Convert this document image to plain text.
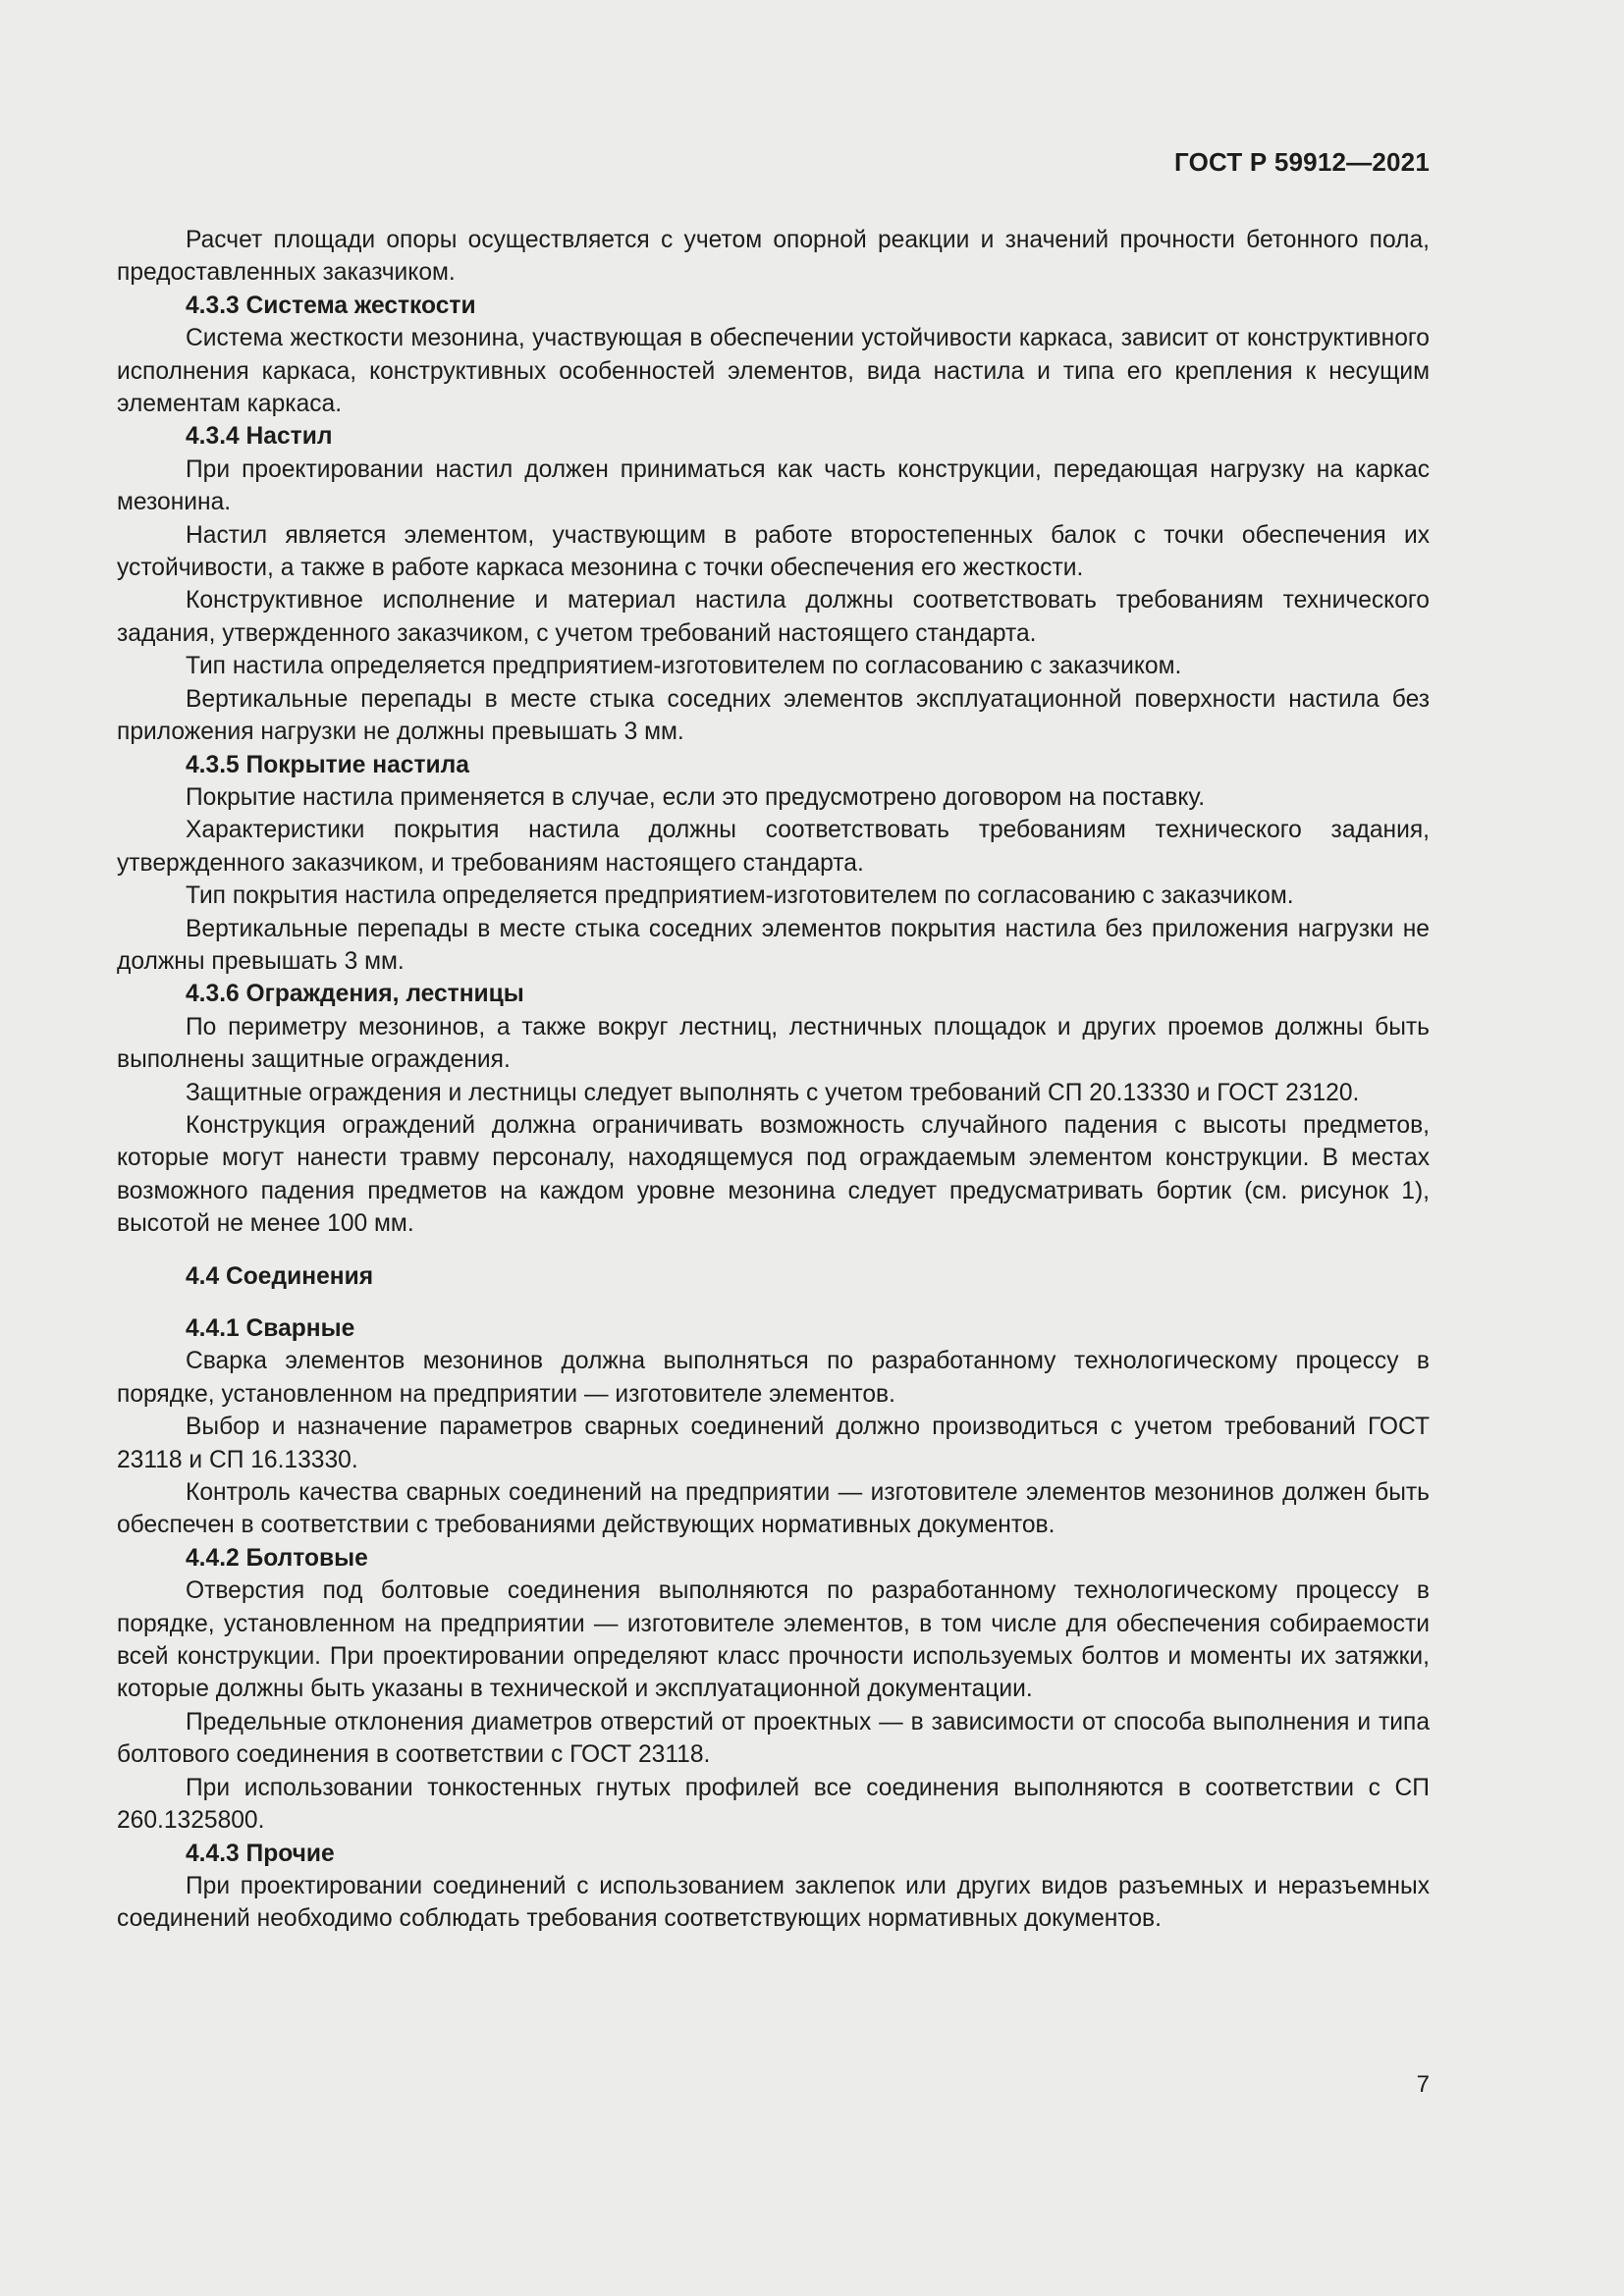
ГОСТ Р 59912—2021

Расчет площади опоры осуществляется с учетом опорной реакции и значений прочности бетонного пола, предоставленных заказчиком.

4.3.3 Система жесткости

Система жесткости мезонина, участвующая в обеспечении устойчивости каркаса, зависит от конструктивного исполнения каркаса, конструктивных особенностей элементов, вида настила и типа его крепления к несущим элементам каркаса.

4.3.4 Настил

При проектировании настил должен приниматься как часть конструкции, передающая нагрузку на каркас мезонина.

Настил является элементом, участвующим в работе второстепенных балок с точки обеспечения их устойчивости, а также в работе каркаса мезонина с точки обеспечения его жесткости.

Конструктивное исполнение и материал настила должны соответствовать требованиям технического задания, утвержденного заказчиком, с учетом требований настоящего стандарта.

Тип настила определяется предприятием-изготовителем по согласованию с заказчиком.

Вертикальные перепады в месте стыка соседних элементов эксплуатационной поверхности настила без приложения нагрузки не должны превышать 3 мм.

4.3.5 Покрытие настила

Покрытие настила применяется в случае, если это предусмотрено договором на поставку.

Характеристики покрытия настила должны соответствовать требованиям технического задания, утвержденного заказчиком, и требованиям настоящего стандарта.

Тип покрытия настила определяется предприятием-изготовителем по согласованию с заказчиком.

Вертикальные перепады в месте стыка соседних элементов покрытия настила без приложения нагрузки не должны превышать 3 мм.

4.3.6 Ограждения, лестницы

По периметру мезонинов, а также вокруг лестниц, лестничных площадок и других проемов должны быть выполнены защитные ограждения.

Защитные ограждения и лестницы следует выполнять с учетом требований СП 20.13330 и ГОСТ 23120.

Конструкция ограждений должна ограничивать возможность случайного падения с высоты предметов, которые могут нанести травму персоналу, находящемуся под ограждаемым элементом конструкции. В местах возможного падения предметов на каждом уровне мезонина следует предусматривать бортик (см. рисунок 1), высотой не менее 100 мм.

4.4 Соединения
4.4.1 Сварные

Сварка элементов мезонинов должна выполняться по разработанному технологическому процессу в порядке, установленном на предприятии — изготовителе элементов.

Выбор и назначение параметров сварных соединений должно производиться с учетом требований ГОСТ 23118 и СП 16.13330.

Контроль качества сварных соединений на предприятии — изготовителе элементов мезонинов должен быть обеспечен в соответствии с требованиями действующих нормативных документов.

4.4.2 Болтовые

Отверстия под болтовые соединения выполняются по разработанному технологическому процессу в порядке, установленном на предприятии — изготовителе элементов, в том числе для обеспечения собираемости всей конструкции. При проектировании определяют класс прочности используемых болтов и моменты их затяжки, которые должны быть указаны в технической и эксплуатационной документации.

Предельные отклонения диаметров отверстий от проектных — в зависимости от способа выполнения и типа болтового соединения в соответствии с ГОСТ 23118.

При использовании тонкостенных гнутых профилей все соединения выполняются в соответствии с СП 260.1325800.

4.4.3 Прочие

При проектировании соединений с использованием заклепок или других видов разъемных и неразъемных соединений необходимо соблюдать требования соответствующих нормативных документов.

7
